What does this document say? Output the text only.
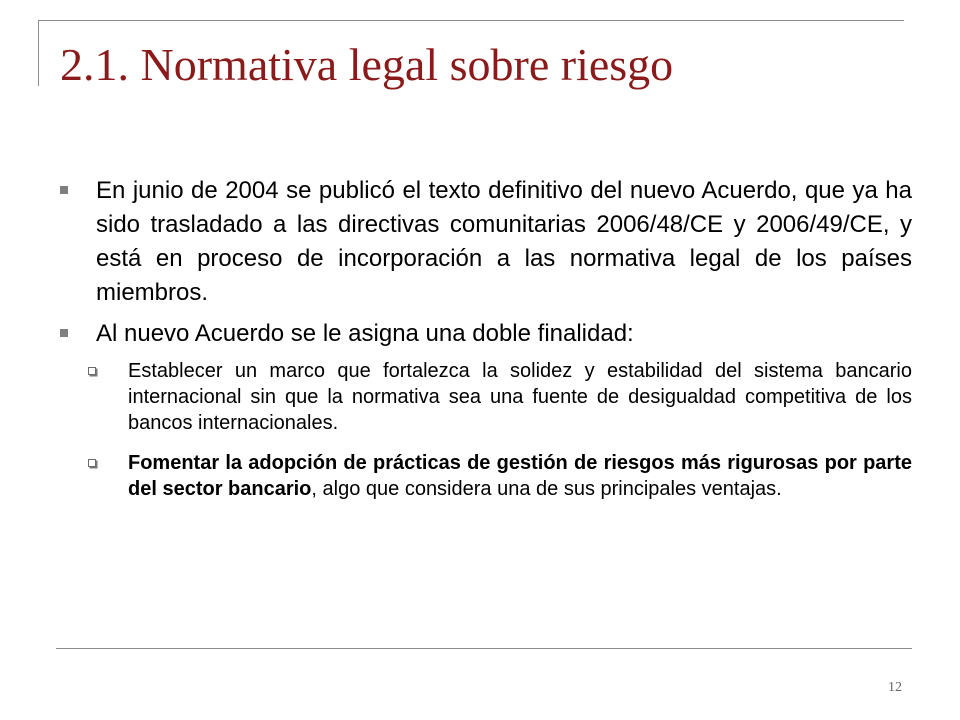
2.1. Normativa legal sobre riesgo
En junio de 2004 se publicó el texto definitivo del nuevo Acuerdo, que ya ha sido trasladado a las directivas comunitarias 2006/48/CE y 2006/49/CE, y está en proceso de incorporación a las normativa legal de los países miembros.
Al nuevo Acuerdo se le asigna una doble finalidad:
Establecer un marco que fortalezca la solidez y estabilidad del sistema bancario internacional sin que la normativa sea una fuente de desigualdad competitiva de los bancos internacionales.
Fomentar la adopción de prácticas de gestión de riesgos más rigurosas por parte del sector bancario, algo que considera una de sus principales ventajas.
12
